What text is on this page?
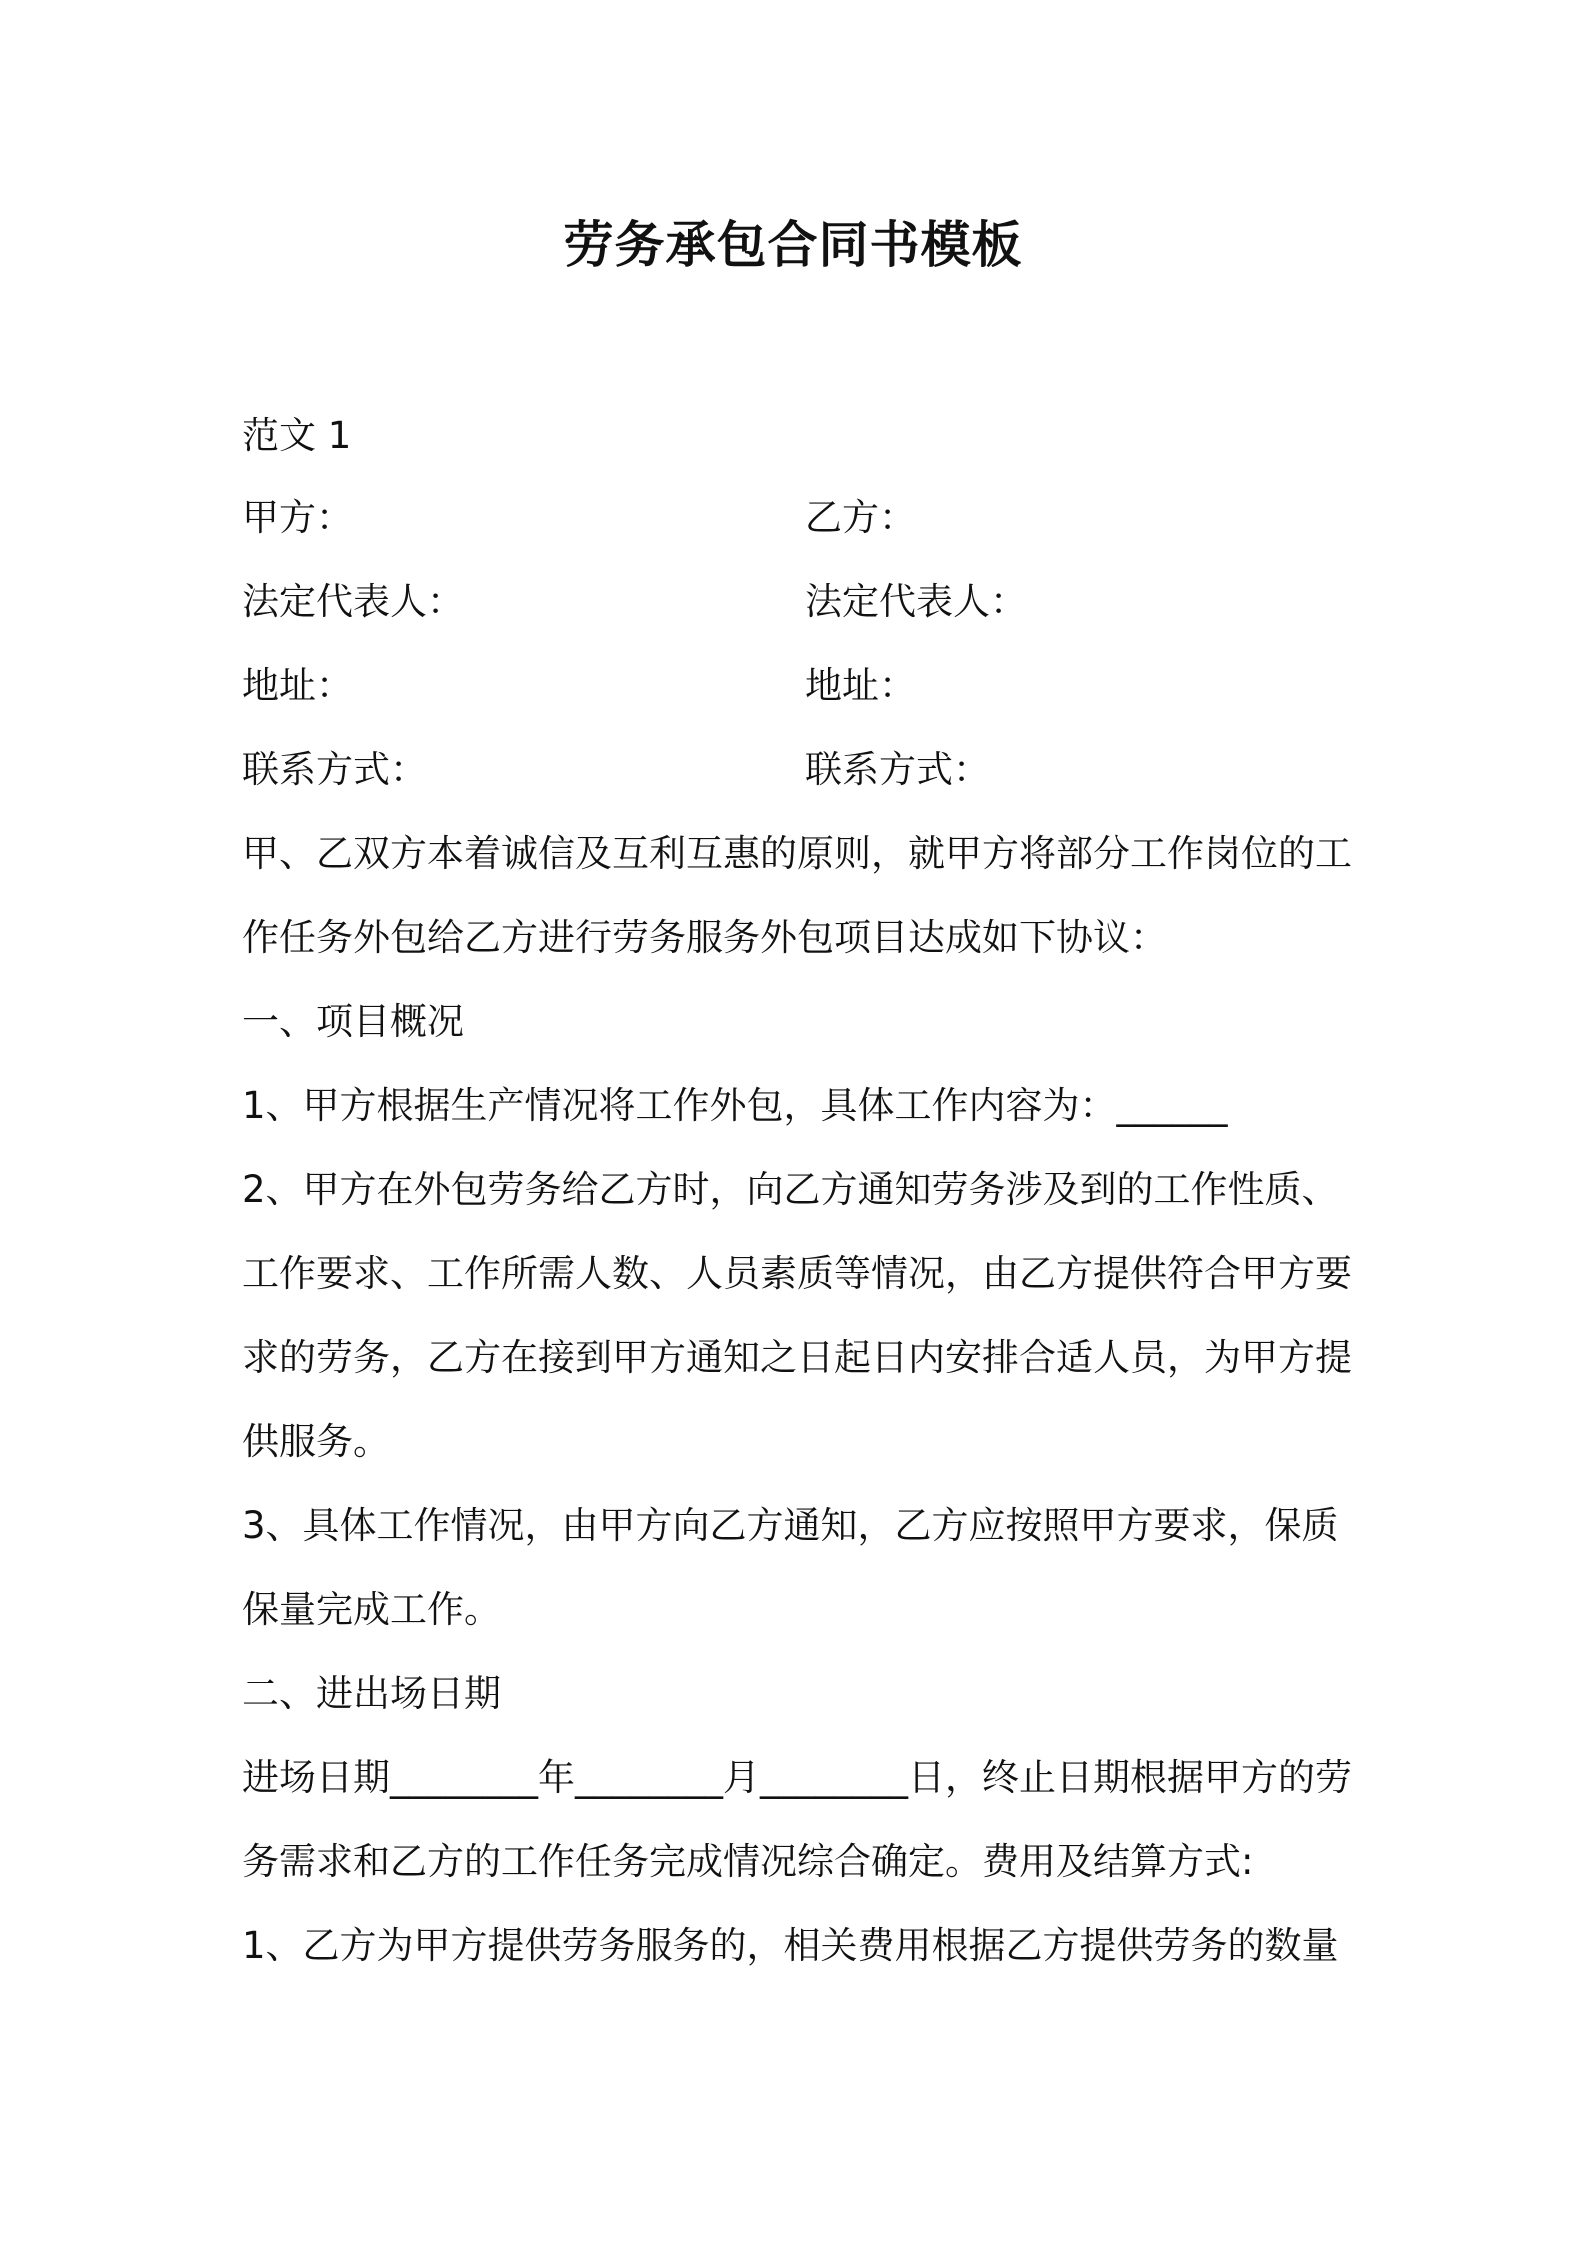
劳务承包合同书模板

范文 1

甲方：	乙方：
法定代表人：	法定代表人：
地址：	地址：
联系方式：	联系方式：

甲、乙双方本着诚信及互利互惠的原则，就甲方将部分工作岗位的工

作任务外包给乙方进行劳务服务外包项目达成如下协议：

一、项目概况

1、甲方根据生产情况将工作外包，具体工作内容为：______

2、甲方在外包劳务给乙方时，向乙方通知劳务涉及到的工作性质、

工作要求、工作所需人数、人员素质等情况，由乙方提供符合甲方要

求的劳务，乙方在接到甲方通知之日起日内安排合适人员，为甲方提

供服务。

3、具体工作情况，由甲方向乙方通知，乙方应按照甲方要求，保质

保量完成工作。

二、进出场日期

进场日期________年________月________日，终止日期根据甲方的劳

务需求和乙方的工作任务完成情况综合确定。费用及结算方式:

1、乙方为甲方提供劳务服务的，相关费用根据乙方提供劳务的数量
